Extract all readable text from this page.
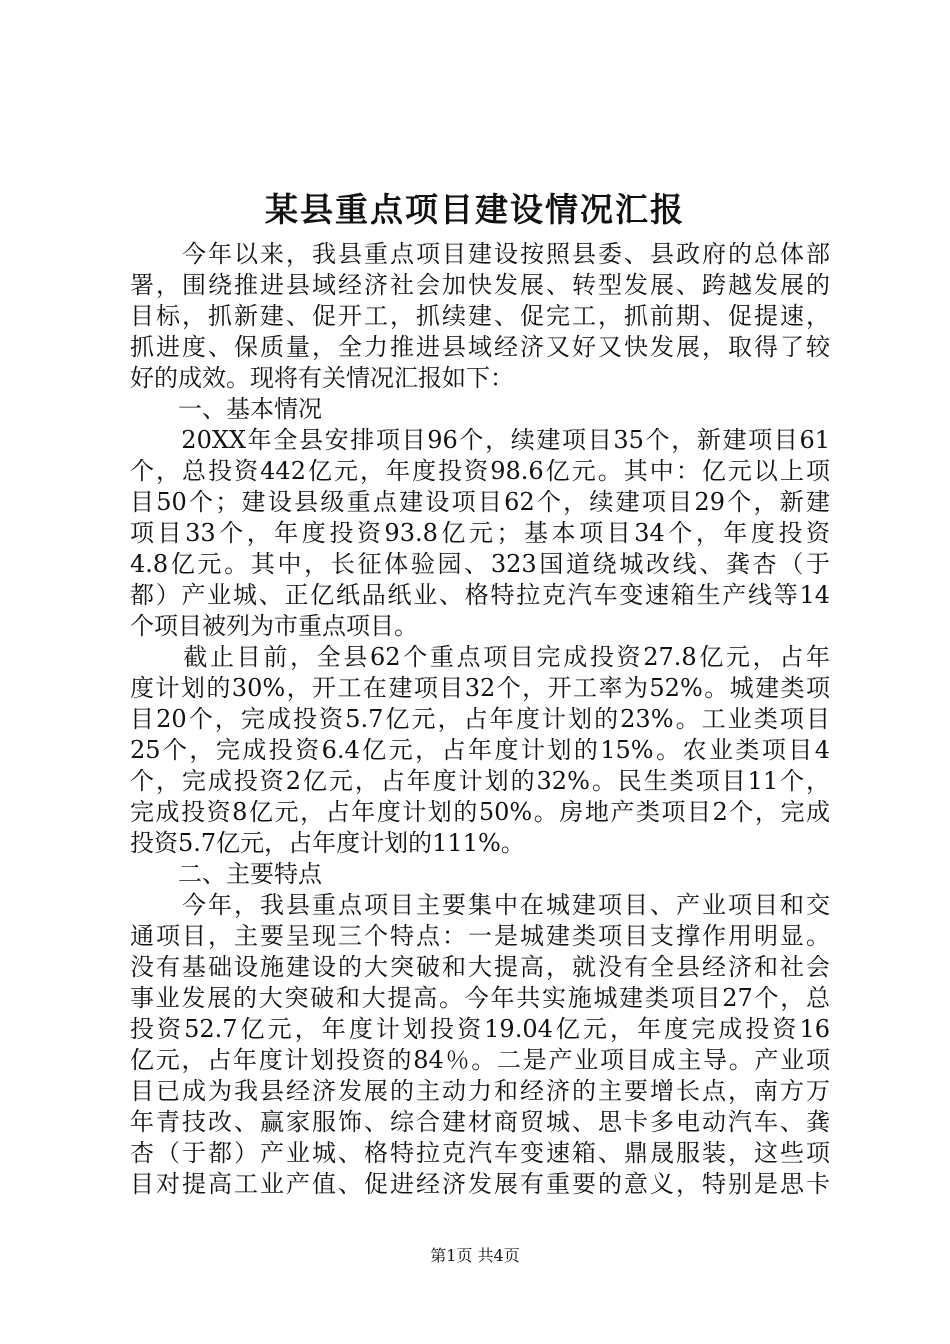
某县重点项目建设情况汇报

　　今年以来，我县重点项目建设按照县委、县政府的总体部

署，围绕推进县域经济社会加快发展、转型发展、跨越发展的

目标，抓新建、促开工，抓续建、促完工，抓前期、促提速，

抓进度、保质量，全力推进县域经济又好又快发展，取得了较

好的成效。现将有关情况汇报如下：

　　一、基本情况

　　20XX年全县安排项目96个，续建项目35个，新建项目61

个，总投资442亿元，年度投资98.6亿元。其中：亿元以上项

目50个；建设县级重点建设项目62个，续建项目29个，新建

项目33个，年度投资93.8亿元；基本项目34个，年度投资

4.8亿元。其中，长征体验园、323国道绕城改线、龚杏（于

都）产业城、正亿纸品纸业、格特拉克汽车变速箱生产线等14

个项目被列为市重点项目。

　　截止目前，全县62个重点项目完成投资27.8亿元，占年

度计划的30%，开工在建项目32个，开工率为52%。城建类项

目20个，完成投资5.7亿元，占年度计划的23%。工业类项目

25个，完成投资6.4亿元，占年度计划的15%。农业类项目4

个，完成投资2亿元，占年度计划的32%。民生类项目11个，

完成投资8亿元，占年度计划的50%。房地产类项目2个，完成

投资5.7亿元，占年度计划的111%。

　　二、主要特点

　　今年，我县重点项目主要集中在城建项目、产业项目和交

通项目，主要呈现三个特点：一是城建类项目支撑作用明显。

没有基础设施建设的大突破和大提高，就没有全县经济和社会

事业发展的大突破和大提高。今年共实施城建类项目27个，总

投资52.7亿元，年度计划投资19.04亿元，年度完成投资16

亿元，占年度计划投资的84％。二是产业项目成主导。产业项

目已成为我县经济发展的主动力和经济的主要增长点，南方万

年青技改、赢家服饰、综合建材商贸城、思卡多电动汽车、龚

杏（于都）产业城、格特拉克汽车变速箱、鼎晟服装，这些项

目对提高工业产值、促进经济发展有重要的意义，特别是思卡

第1页 共4页
